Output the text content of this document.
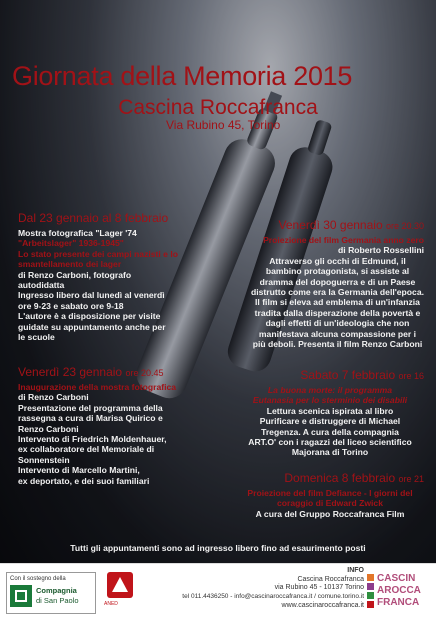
Giornata della Memoria 2015
Cascina Roccafranca
Via Rubino 45, Torino
Dal 23 gennaio al 8 febbraio
Mostra fotografica "Lager '74
"Arbeitslager" 1936-1945"
Lo stato presente dei campi nazisti e lo
smantellamento dei lager
di Renzo Carboni, fotografo
autodidatta
Ingresso libero dal lunedì al venerdì
ore 9-23 e sabato ore 9-18
L'autore è a disposizione per visite
guidate su appuntamento anche per
le scuole
Venerdì 23 gennaio ore 20.45
Inaugurazione della mostra fotografica
di Renzo Carboni
Presentazione del programma della
rassegna a cura di Marisa Quirico e
Renzo Carboni
Intervento di Friedrich Moldenhauer,
ex collaboratore del Memoriale di
Sonnenstein
Intervento di Marcello Martini,
ex deportato, e dei suoi familiari
Venerdì 30 gennaio ore 20.30
Proiezione del film Germania anno zero
di Roberto Rossellini
Attraverso gli occhi di Edmund, il
bambino protagonista, si assiste al
dramma del dopoguerra e di un Paese
distrutto come era la Germania dell'epoca.
Il film si eleva ad emblema di un'infanzia
tradita dalla disperazione della povertà e
dagli effetti di un'ideologia che non
manifestava alcuna compassione per i
più deboli. Presenta il film Renzo Carboni
Sabato 7 febbraio ore 16
La buona morte: il programma
Eutanasia per lo sterminio dei disabili
Lettura scenica ispirata al libro
Purificare e distruggere di Michael
Tregenza. A cura della compagnia
ART.O' con i ragazzi del liceo scientifico
Majorana di Torino
Domenica 8 febbraio ore 21
Proiezione del film Defiance - I giorni del
coraggio di Edward Zwick
A cura del Gruppo Roccafranca Film
Tutti gli appuntamenti sono ad ingresso libero fino ad esaurimento posti
Con il sostegno della
Compagnia
di San Paolo	ANED
INFO
Cascina Roccafranca
via Rubino 45 - 10137 Torino
tel 011.4436250 - info@cascinaroccafranca.it / comune.torino.it
www.cascinaroccafranca.it
CASCIN
AROCCA
FRANCA
